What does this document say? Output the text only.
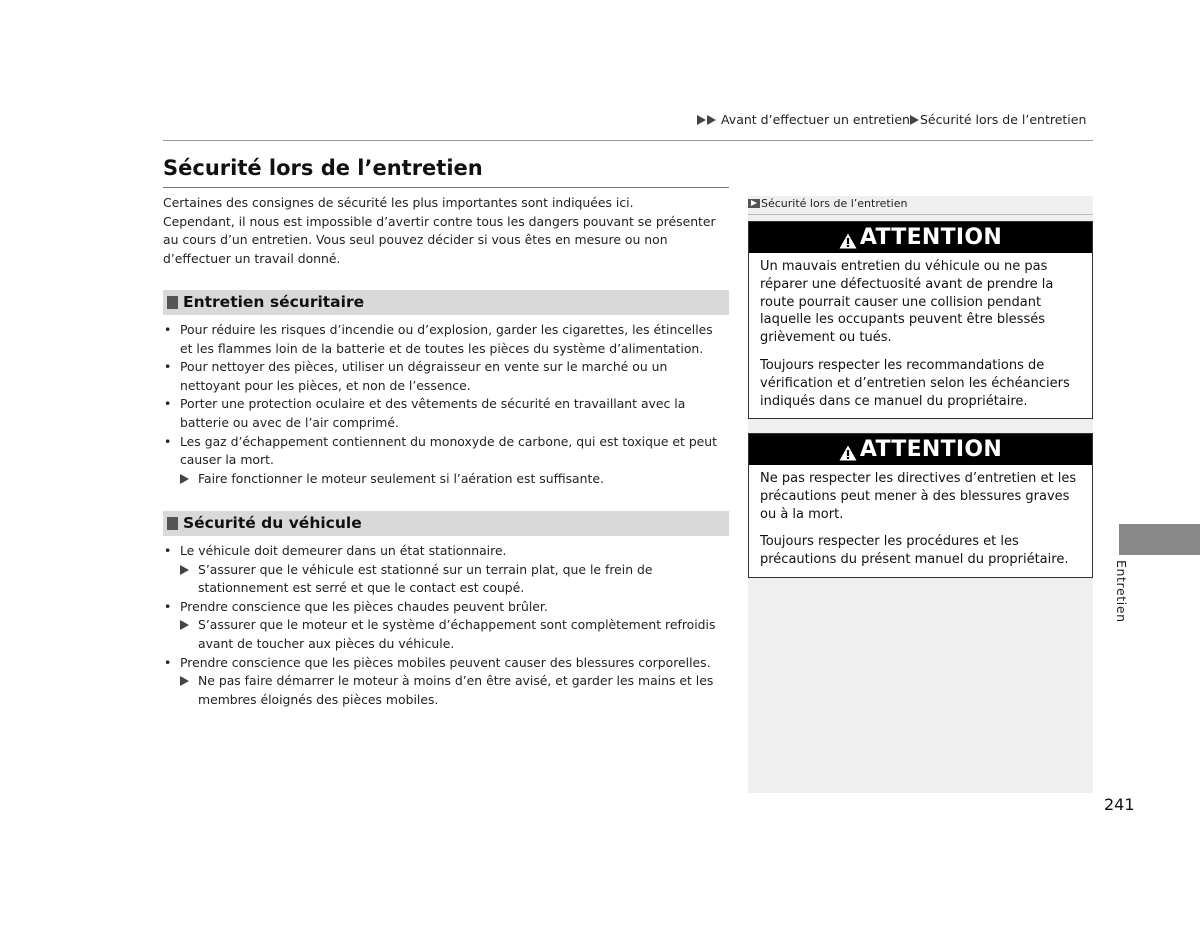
Avant d’effectuer un entretien Sécurité lors de l’entretien
Sécurité lors de l’entretien

Certaines des consignes de sécurité les plus importantes sont indiquées ici.

Cependant, il nous est impossible d’avertir contre tous les dangers pouvant se présenter au cours d’un entretien. Vous seul pouvez décider si vous êtes en mesure ou non d’effectuer un travail donné.

Entretien sécuritaire
• Pour réduire les risques d’incendie ou d’explosion, garder les cigarettes, les étincelles et les flammes loin de la batterie et de toutes les pièces du système d’alimentation.
• Pour nettoyer des pièces, utiliser un dégraisseur en vente sur le marché ou un nettoyant pour les pièces, et non de l’essence.
• Porter une protection oculaire et des vêtements de sécurité en travaillant avec la batterie ou avec de l’air comprimé.
• Les gaz d’échappement contiennent du monoxyde de carbone, qui est toxique et peut causer la mort.
Faire fonctionner le moteur seulement si l’aération est suffisante.
Sécurité du véhicule
• Le véhicule doit demeurer dans un état stationnaire.
S’assurer que le véhicule est stationné sur un terrain plat, que le frein de stationnement est serré et que le contact est coupé.
• Prendre conscience que les pièces chaudes peuvent brûler.
S’assurer que le moteur et le système d’échappement sont complètement refroidis avant de toucher aux pièces du véhicule.
• Prendre conscience que les pièces mobiles peuvent causer des blessures corporelles.
Ne pas faire démarrer le moteur à moins d’en être avisé, et garder les mains et les membres éloignés des pièces mobiles.
Sécurité lors de l’entretien
ATTENTION

Un mauvais entretien du véhicule ou ne pas réparer une défectuosité avant de prendre la route pourrait causer une collision pendant laquelle les occupants peuvent être blessés grièvement ou tués.

Toujours respecter les recommandations de vérification et d’entretien selon les échéanciers indiqués dans ce manuel du propriétaire.

ATTENTION

Ne pas respecter les directives d’entretien et les précautions peut mener à des blessures graves ou à la mort.

Toujours respecter les procédures et les précautions du présent manuel du propriétaire.

Entretien
241
